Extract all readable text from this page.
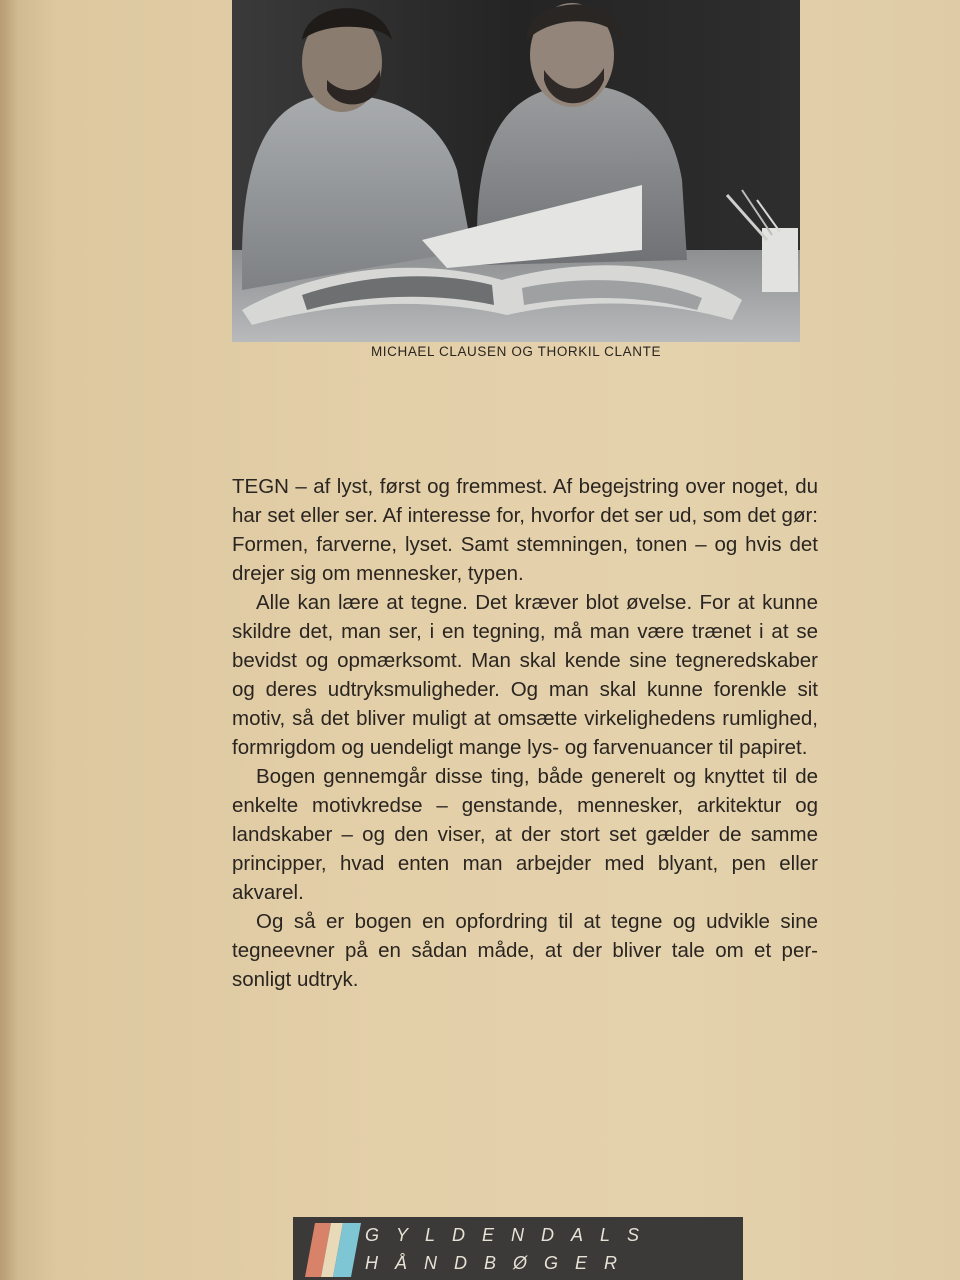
MICHAEL CLAUSEN OG THORKIL CLANTE

TEGN – af lyst, først og fremmest. Af begejstring over noget, du har set eller ser. Af interesse for, hvorfor det ser ud, som det gør: Formen, farverne, lyset. Samt stemningen, tonen – og hvis det drejer sig om mennesker, typen.

Alle kan lære at tegne. Det kræver blot øvelse. For at kunne skildre det, man ser, i en tegning, må man være trænet i at se bevidst og opmærksomt. Man skal kende sine tegneredskaber og deres udtryksmuligheder. Og man skal kunne forenkle sit motiv, så det bliver muligt at omsætte virkelighedens rumlighed, formrigdom og uendeligt mange lys- og farvenuancer til papiret.

Bogen gennemgår disse ting, både generelt og knyttet til de enkelte motivkredse – genstande, mennesker, arkitektur og landskaber – og den viser, at der stort set gælder de samme principper, hvad enten man arbejder med blyant, pen eller akvarel.

Og så er bogen en opfordring til at tegne og udvikle sine tegneevner på en sådan måde, at der bliver tale om et personligt udtryk.

GYLDENDALS
HÅNDBØGER
